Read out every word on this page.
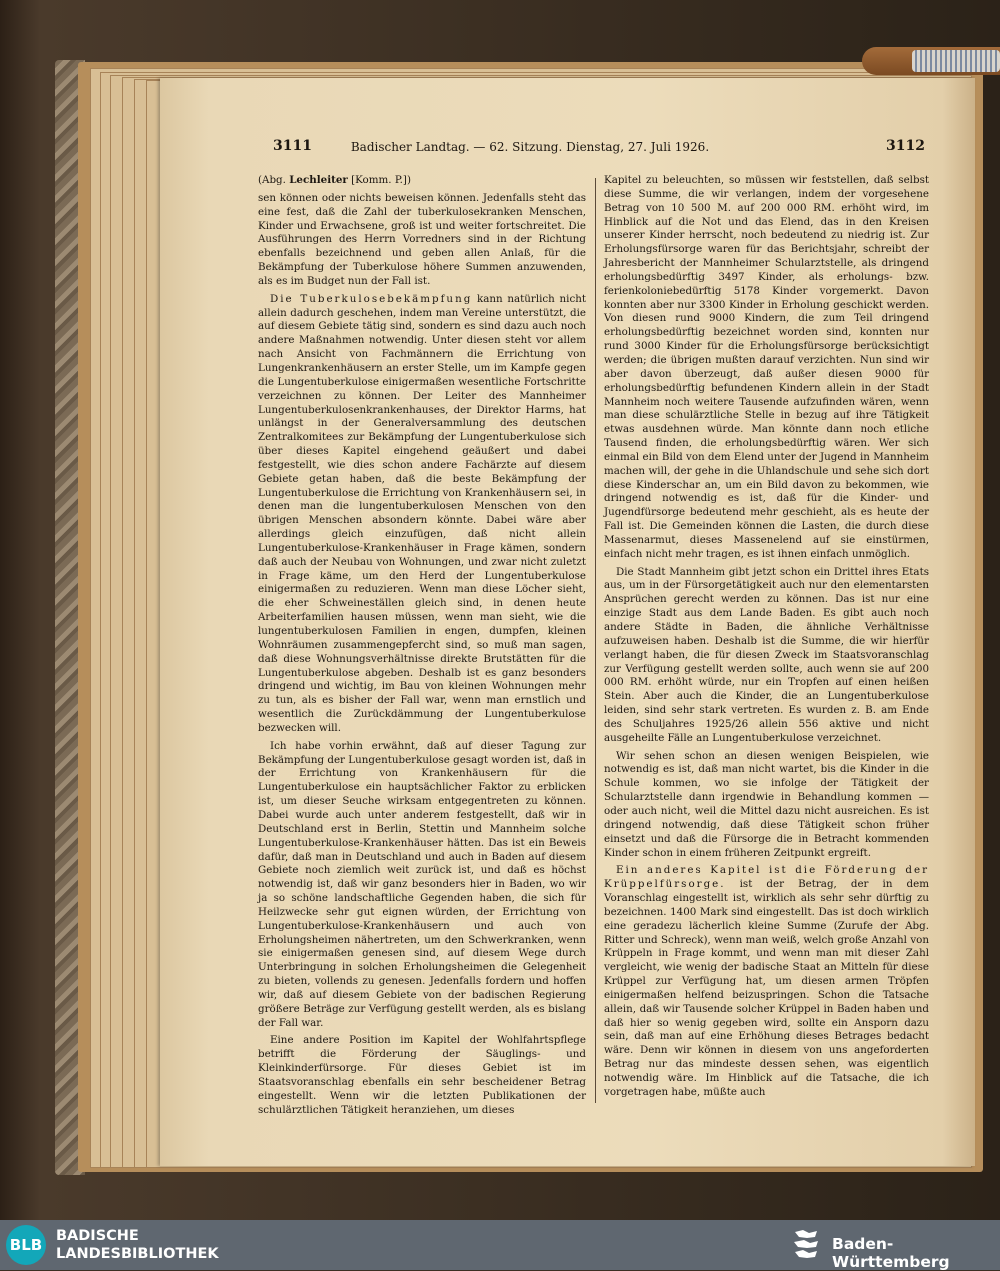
3111	Badischer Landtag. — 62. Sitzung. Dienstag, 27. Juli 1926.	3112

(Abg. Lechleiter [Komm. P.])

sen können oder nichts beweisen können. Jedenfalls steht das eine fest, daß die Zahl der tuberkulosekranken Menschen, Kinder und Erwachsene, groß ist und weiter fortschreitet. Die Ausführungen des Herrn Vorredners sind in der Richtung ebenfalls bezeichnend und geben allen Anlaß, für die Bekämpfung der Tuberkulose höhere Summen anzuwenden, als es im Budget nun der Fall ist.

Die Tuberkulosebekämpfung kann natürlich nicht allein dadurch geschehen, indem man Vereine unterstützt, die auf diesem Gebiete tätig sind, sondern es sind dazu auch noch andere Maßnahmen notwendig. Unter diesen steht vor allem nach Ansicht von Fachmännern die Errichtung von Lungenkrankenhäusern an erster Stelle, um im Kampfe gegen die Lungentuberkulose einigermaßen wesentliche Fortschritte verzeichnen zu können. Der Leiter des Mannheimer Lungentuberkulosenkrankenhauses, der Direktor Harms, hat unlängst in der Generalversammlung des deutschen Zentralkomitees zur Bekämpfung der Lungentuberkulose sich über dieses Kapitel eingehend geäußert und dabei festgestellt, wie dies schon andere Fachärzte auf diesem Gebiete getan haben, daß die beste Bekämpfung der Lungentuberkulose die Errichtung von Krankenhäusern sei, in denen man die lungentuberkulosen Menschen von den übrigen Menschen absondern könnte. Dabei wäre aber allerdings gleich einzufügen, daß nicht allein Lungentuberkulose-Krankenhäuser in Frage kämen, sondern daß auch der Neubau von Wohnungen, und zwar nicht zuletzt in Frage käme, um den Herd der Lungentuberkulose einigermaßen zu reduzieren. Wenn man diese Löcher sieht, die eher Schweineställen gleich sind, in denen heute Arbeiterfamilien hausen müssen, wenn man sieht, wie die lungentuberkulosen Familien in engen, dumpfen, kleinen Wohnräumen zusammengepfercht sind, so muß man sagen, daß diese Wohnungsverhältnisse direkte Brutstätten für die Lungentuberkulose abgeben. Deshalb ist es ganz besonders dringend und wichtig, im Bau von kleinen Wohnungen mehr zu tun, als es bisher der Fall war, wenn man ernstlich und wesentlich die Zurückdämmung der Lungentuberkulose bezwecken will.

Ich habe vorhin erwähnt, daß auf dieser Tagung zur Bekämpfung der Lungentuberkulose gesagt worden ist, daß in der Errichtung von Krankenhäusern für die Lungentuberkulose ein hauptsächlicher Faktor zu erblicken ist, um dieser Seuche wirksam entgegentreten zu können. Dabei wurde auch unter anderem festgestellt, daß wir in Deutschland erst in Berlin, Stettin und Mannheim solche Lungentuberkulose-Krankenhäuser hätten. Das ist ein Beweis dafür, daß man in Deutschland und auch in Baden auf diesem Gebiete noch ziemlich weit zurück ist, und daß es höchst notwendig ist, daß wir ganz besonders hier in Baden, wo wir ja so schöne landschaftliche Gegenden haben, die sich für Heilzwecke sehr gut eignen würden, der Errichtung von Lungentuberkulose-Krankenhäusern und auch von Erholungsheimen nähertreten, um den Schwerkranken, wenn sie einigermaßen genesen sind, auf diesem Wege durch Unterbringung in solchen Erholungsheimen die Gelegenheit zu bieten, vollends zu genesen. Jedenfalls fordern und hoffen wir, daß auf diesem Gebiete von der badischen Regierung größere Beträge zur Verfügung gestellt werden, als es bislang der Fall war.

Eine andere Position im Kapitel der Wohlfahrtspflege betrifft die Förderung der Säuglings- und Kleinkinderfürsorge. Für dieses Gebiet ist im Staatsvoranschlag ebenfalls ein sehr bescheidener Betrag eingestellt. Wenn wir die letzten Publikationen der schulärztlichen Tätigkeit heranziehen, um dieses

Kapitel zu beleuchten, so müssen wir feststellen, daß selbst diese Summe, die wir verlangen, indem der vorgesehene Betrag von 10 500 M. auf 200 000 RM. erhöht wird, im Hinblick auf die Not und das Elend, das in den Kreisen unserer Kinder herrscht, noch bedeutend zu niedrig ist. Zur Erholungsfürsorge waren für das Berichtsjahr, schreibt der Jahresbericht der Mannheimer Schularztstelle, als dringend erholungsbedürftig 3497 Kinder, als erholungs- bzw. ferienkoloniebedürftig 5178 Kinder vorgemerkt. Davon konnten aber nur 3300 Kinder in Erholung geschickt werden. Von diesen rund 9000 Kindern, die zum Teil dringend erholungsbedürftig bezeichnet worden sind, konnten nur rund 3000 Kinder für die Erholungsfürsorge berücksichtigt werden; die übrigen mußten darauf verzichten. Nun sind wir aber davon überzeugt, daß außer diesen 9000 für erholungsbedürftig befundenen Kindern allein in der Stadt Mannheim noch weitere Tausende aufzufinden wären, wenn man diese schulärztliche Stelle in bezug auf ihre Tätigkeit etwas ausdehnen würde. Man könnte dann noch etliche Tausend finden, die erholungsbedürftig wären. Wer sich einmal ein Bild von dem Elend unter der Jugend in Mannheim machen will, der gehe in die Uhlandschule und sehe sich dort diese Kinderschar an, um ein Bild davon zu bekommen, wie dringend notwendig es ist, daß für die Kinder- und Jugendfürsorge bedeutend mehr geschieht, als es heute der Fall ist. Die Gemeinden können die Lasten, die durch diese Massenarmut, dieses Massenelend auf sie einstürmen, einfach nicht mehr tragen, es ist ihnen einfach unmöglich.

Die Stadt Mannheim gibt jetzt schon ein Drittel ihres Etats aus, um in der Fürsorgetätigkeit auch nur den elementarsten Ansprüchen gerecht werden zu können. Das ist nur eine einzige Stadt aus dem Lande Baden. Es gibt auch noch andere Städte in Baden, die ähnliche Verhältnisse aufzuweisen haben. Deshalb ist die Summe, die wir hierfür verlangt haben, die für diesen Zweck im Staatsvoranschlag zur Verfügung gestellt werden sollte, auch wenn sie auf 200 000 RM. erhöht würde, nur ein Tropfen auf einen heißen Stein. Aber auch die Kinder, die an Lungentuberkulose leiden, sind sehr stark vertreten. Es wurden z. B. am Ende des Schuljahres 1925/26 allein 556 aktive und nicht ausgeheilte Fälle an Lungentuberkulose verzeichnet.

Wir sehen schon an diesen wenigen Beispielen, wie notwendig es ist, daß man nicht wartet, bis die Kinder in die Schule kommen, wo sie infolge der Tätigkeit der Schularztstelle dann irgendwie in Behandlung kommen — oder auch nicht, weil die Mittel dazu nicht ausreichen. Es ist dringend notwendig, daß diese Tätigkeit schon früher einsetzt und daß die Fürsorge die in Betracht kommenden Kinder schon in einem früheren Zeitpunkt ergreift.

Ein anderes Kapitel ist die Förderung der Krüppelfürsorge. ist der Betrag, der in dem Voranschlag eingestellt ist, wirklich als sehr sehr dürftig zu bezeichnen. 1400 Mark sind eingestellt. Das ist doch wirklich eine geradezu lächerlich kleine Summe (Zurufe der Abg. Ritter und Schreck), wenn man weiß, welch große Anzahl von Krüppeln in Frage kommt, und wenn man mit dieser Zahl vergleicht, wie wenig der badische Staat an Mitteln für diese Krüppel zur Verfügung hat, um diesen armen Tröpfen einigermaßen helfend beizuspringen. Schon die Tatsache allein, daß wir Tausende solcher Krüppel in Baden haben und daß hier so wenig gegeben wird, sollte ein Ansporn dazu sein, daß man auf eine Erhöhung dieses Betrages bedacht wäre. Denn wir können in diesem von uns angeforderten Betrag nur das mindeste dessen sehen, was eigentlich notwendig wäre. Im Hinblick auf die Tatsache, die ich vorgetragen habe, müßte auch

BLB BADISCHE
LANDESBIBLIOTHEK
Baden-Württemberg
